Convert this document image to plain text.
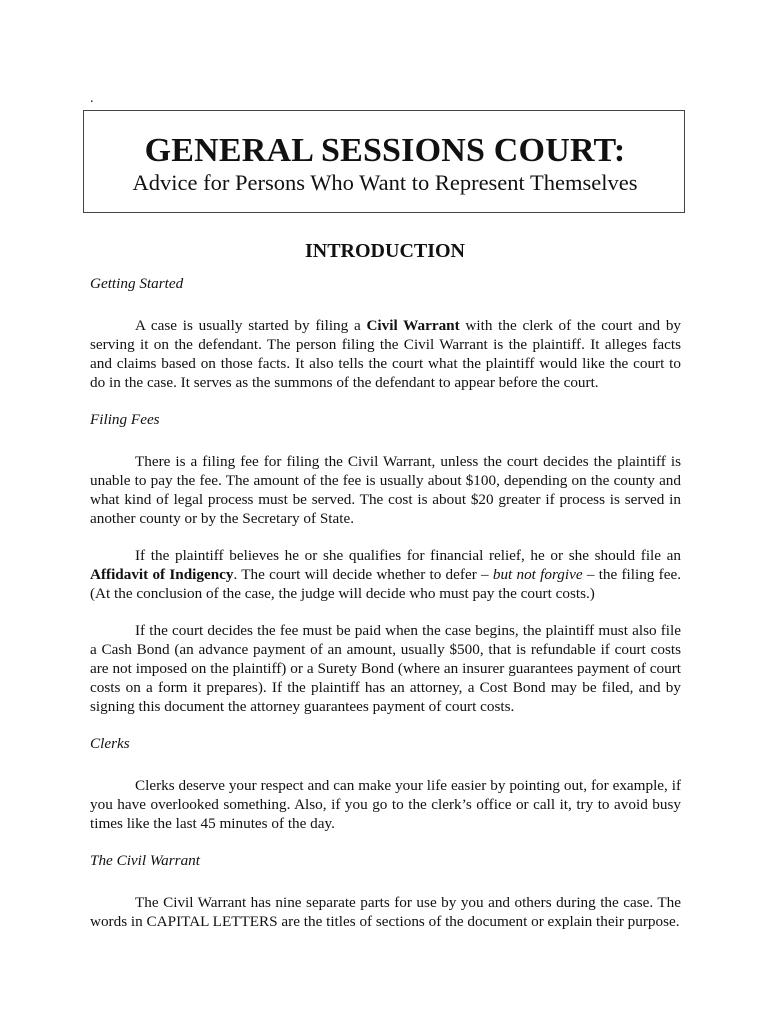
.
GENERAL SESSIONS COURT:
Advice for Persons Who Want to Represent Themselves
INTRODUCTION
Getting Started

A case is usually started by filing a Civil Warrant with the clerk of the court and by serving it on the defendant. The person filing the Civil Warrant is the plaintiff. It alleges facts and claims based on those facts. It also tells the court what the plaintiff would like the court to do in the case. It serves as the summons of the defendant to appear before the court.

Filing Fees

There is a filing fee for filing the Civil Warrant, unless the court decides the plaintiff is unable to pay the fee. The amount of the fee is usually about $100, depending on the county and what kind of legal process must be served. The cost is about $20 greater if process is served in another county or by the Secretary of State.

If the plaintiff believes he or she qualifies for financial relief, he or she should file an Affidavit of Indigency. The court will decide whether to defer – but not forgive – the filing fee. (At the conclusion of the case, the judge will decide who must pay the court costs.)

If the court decides the fee must be paid when the case begins, the plaintiff must also file a Cash Bond (an advance payment of an amount, usually $500, that is refundable if court costs are not imposed on the plaintiff) or a Surety Bond (where an insurer guarantees payment of court costs on a form it prepares). If the plaintiff has an attorney, a Cost Bond may be filed, and by signing this document the attorney guarantees payment of court costs.

Clerks

Clerks deserve your respect and can make your life easier by pointing out, for example, if you have overlooked something. Also, if you go to the clerk’s office or call it, try to avoid busy times like the last 45 minutes of the day.

The Civil Warrant

The Civil Warrant has nine separate parts for use by you and others during the case. The words in CAPITAL LETTERS are the titles of sections of the document or explain their purpose.
